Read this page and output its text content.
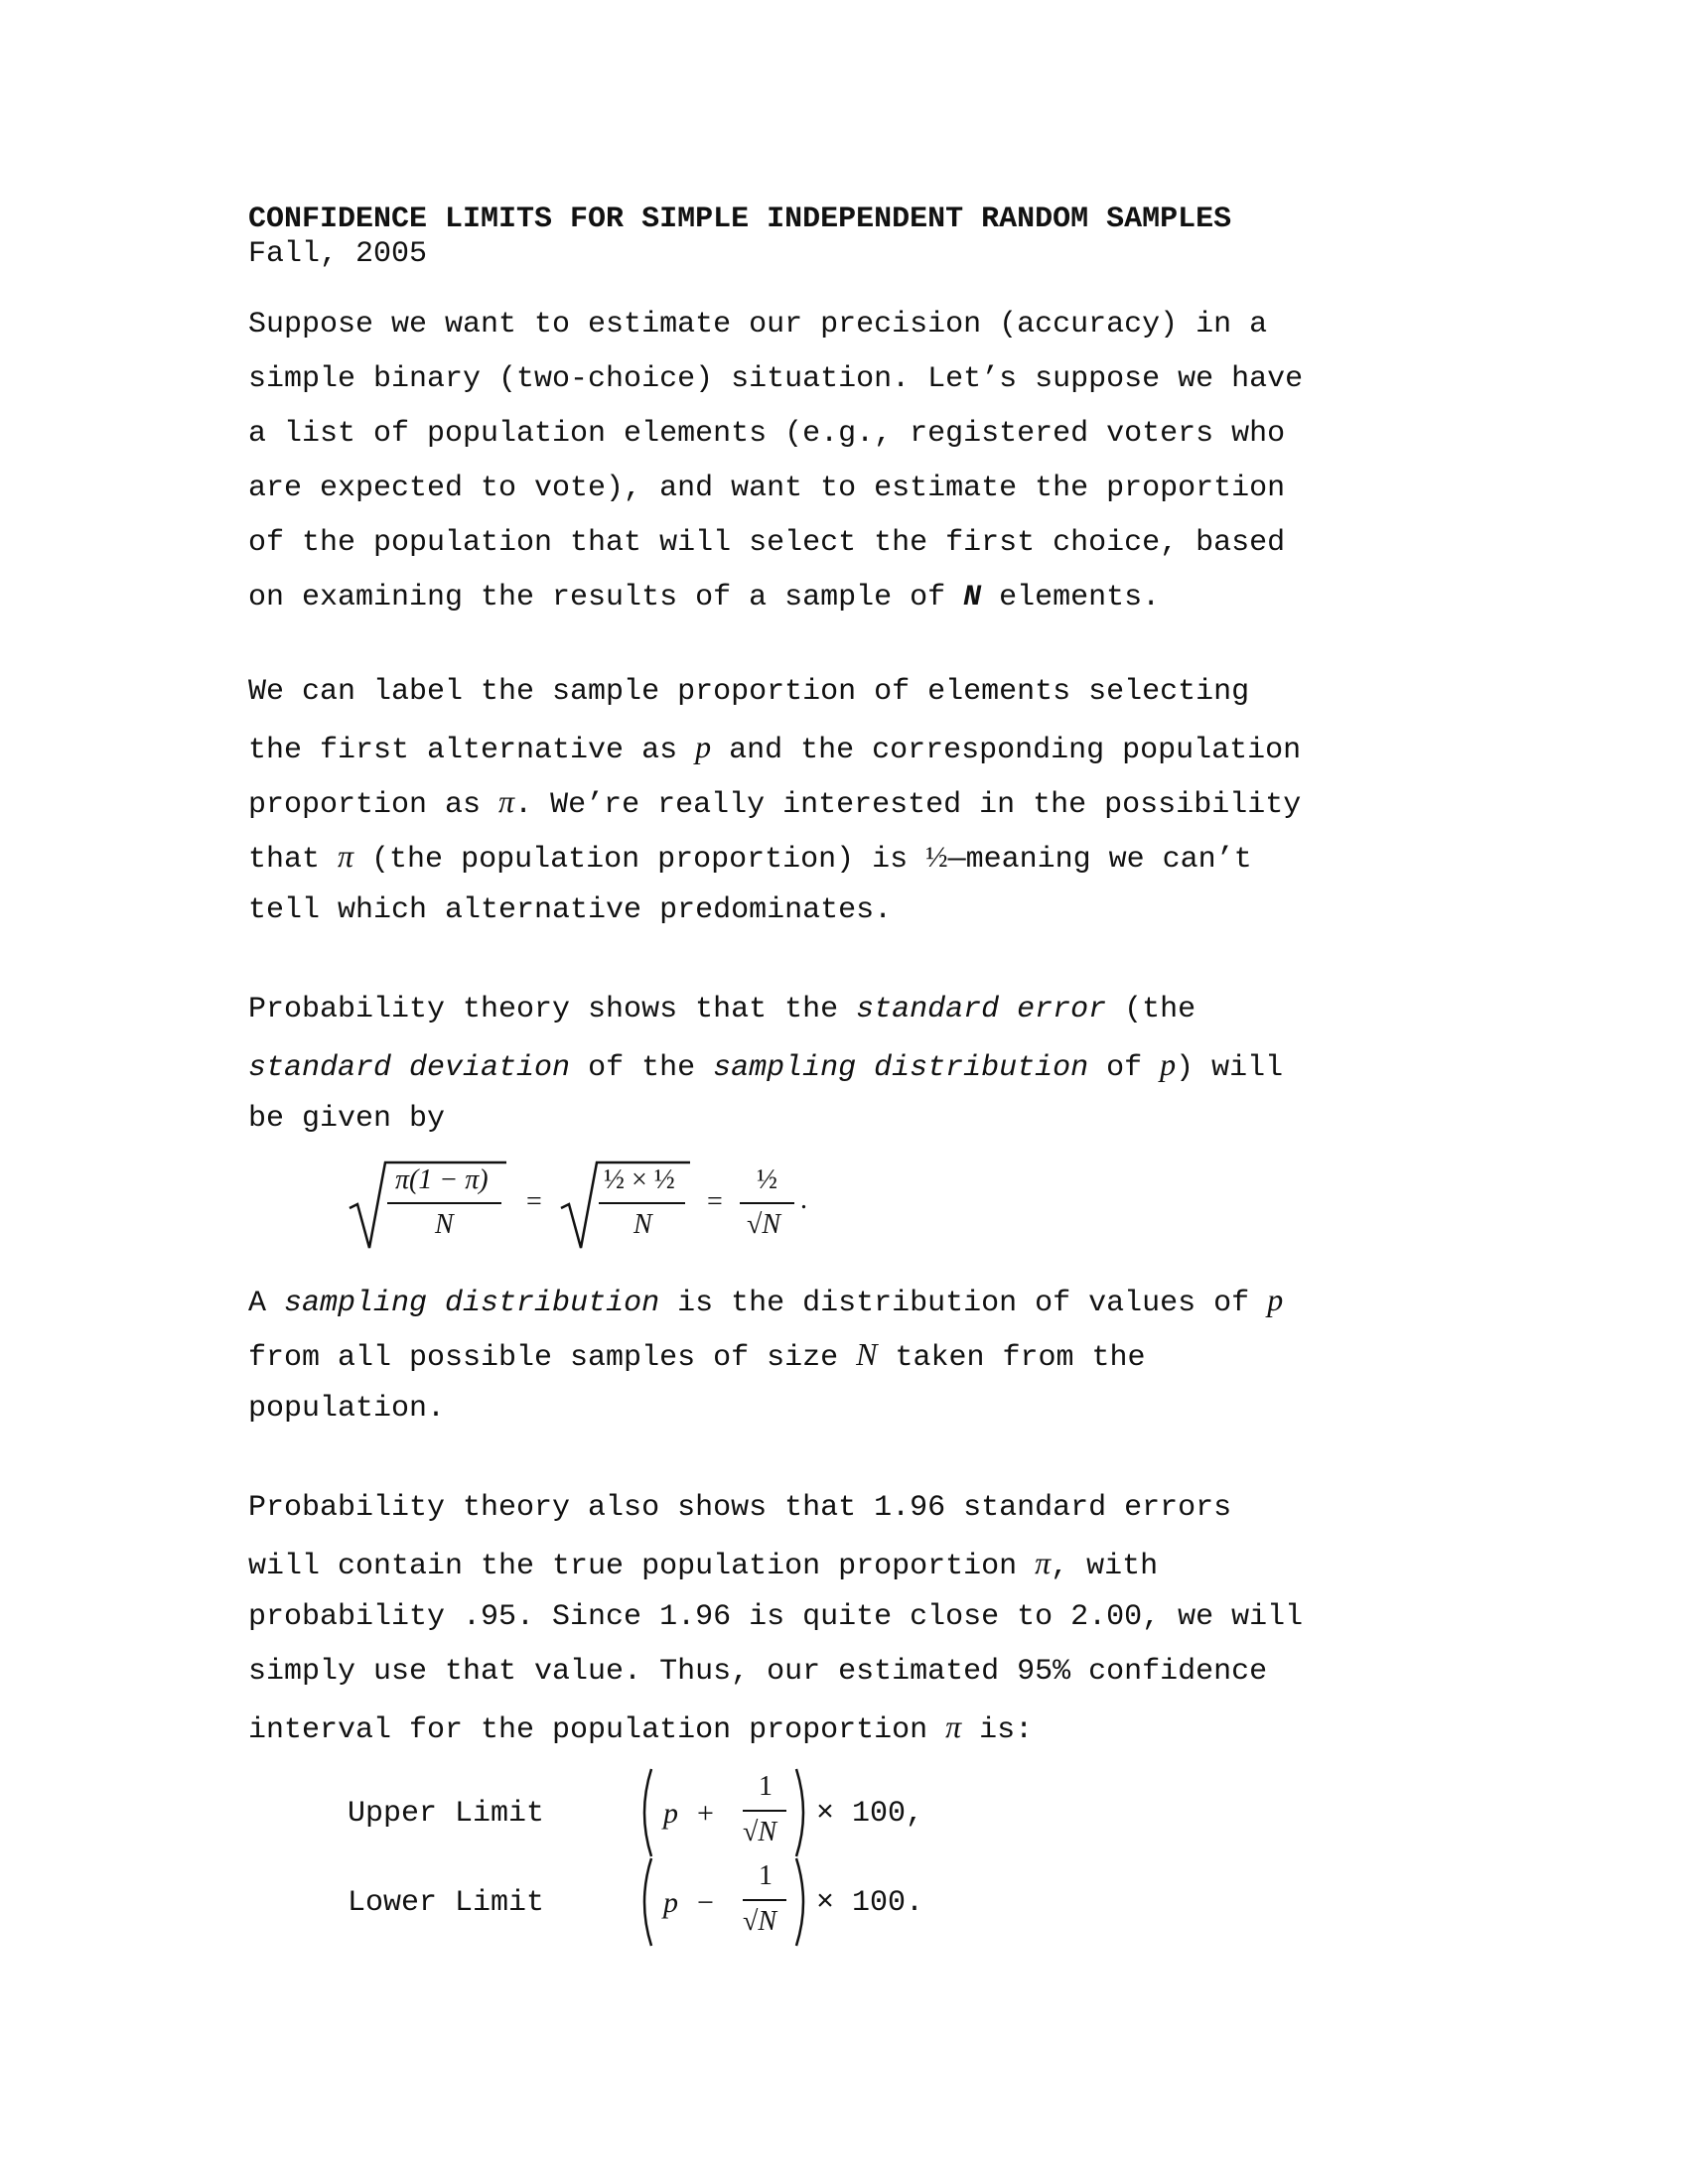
CONFIDENCE LIMITS FOR SIMPLE INDEPENDENT RANDOM SAMPLES
Fall, 2005
Suppose we want to estimate our precision (accuracy) in a
simple binary (two-choice) situation. Let’s suppose we have
a list of population elements (e.g., registered voters who
are expected to vote), and want to estimate the proportion
of the population that will select the first choice, based
on examining the results of a sample of N elements.
We can label the sample proportion of elements selecting
the first alternative as p and the corresponding population
proportion as π. We’re really interested in the possibility
that π (the population proportion) is ½—meaning we can’t
tell which alternative predominates.
Probability theory shows that the standard error (the
standard deviation of the sampling distribution of p) will
be given by
π(1 − π)
N
=
½ × ½
N
=
½
√N
.
A sampling distribution is the distribution of values of p
from all possible samples of size N taken from the
population.
Probability theory also shows that 1.96 standard errors
will contain the true population proportion π, with
probability .95. Since 1.96 is quite close to 2.00, we will
simply use that value. Thus, our estimated 95% confidence
interval for the population proportion π is:
Upper Limit	p +
1
√N
× 100,
Lower Limit	p −
1
√N
× 100.
